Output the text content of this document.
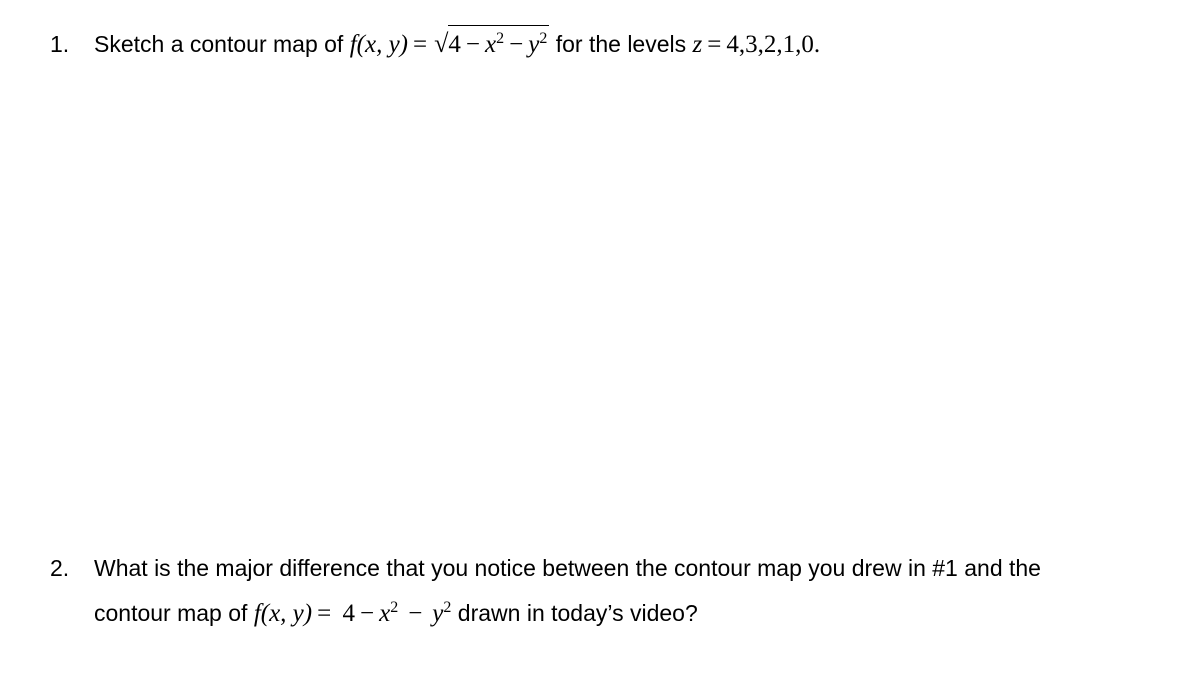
1. Sketch a contour map of f(x, $y) = √4 - x^2 - y^2$ for the levels z = 4,3,2,1,0.
2. What is the major difference that you notice between the contour map you drew in #1 and the
contour map of f(x, $y) = 4 - x^2 - y^2$ drawn in today’s video?
